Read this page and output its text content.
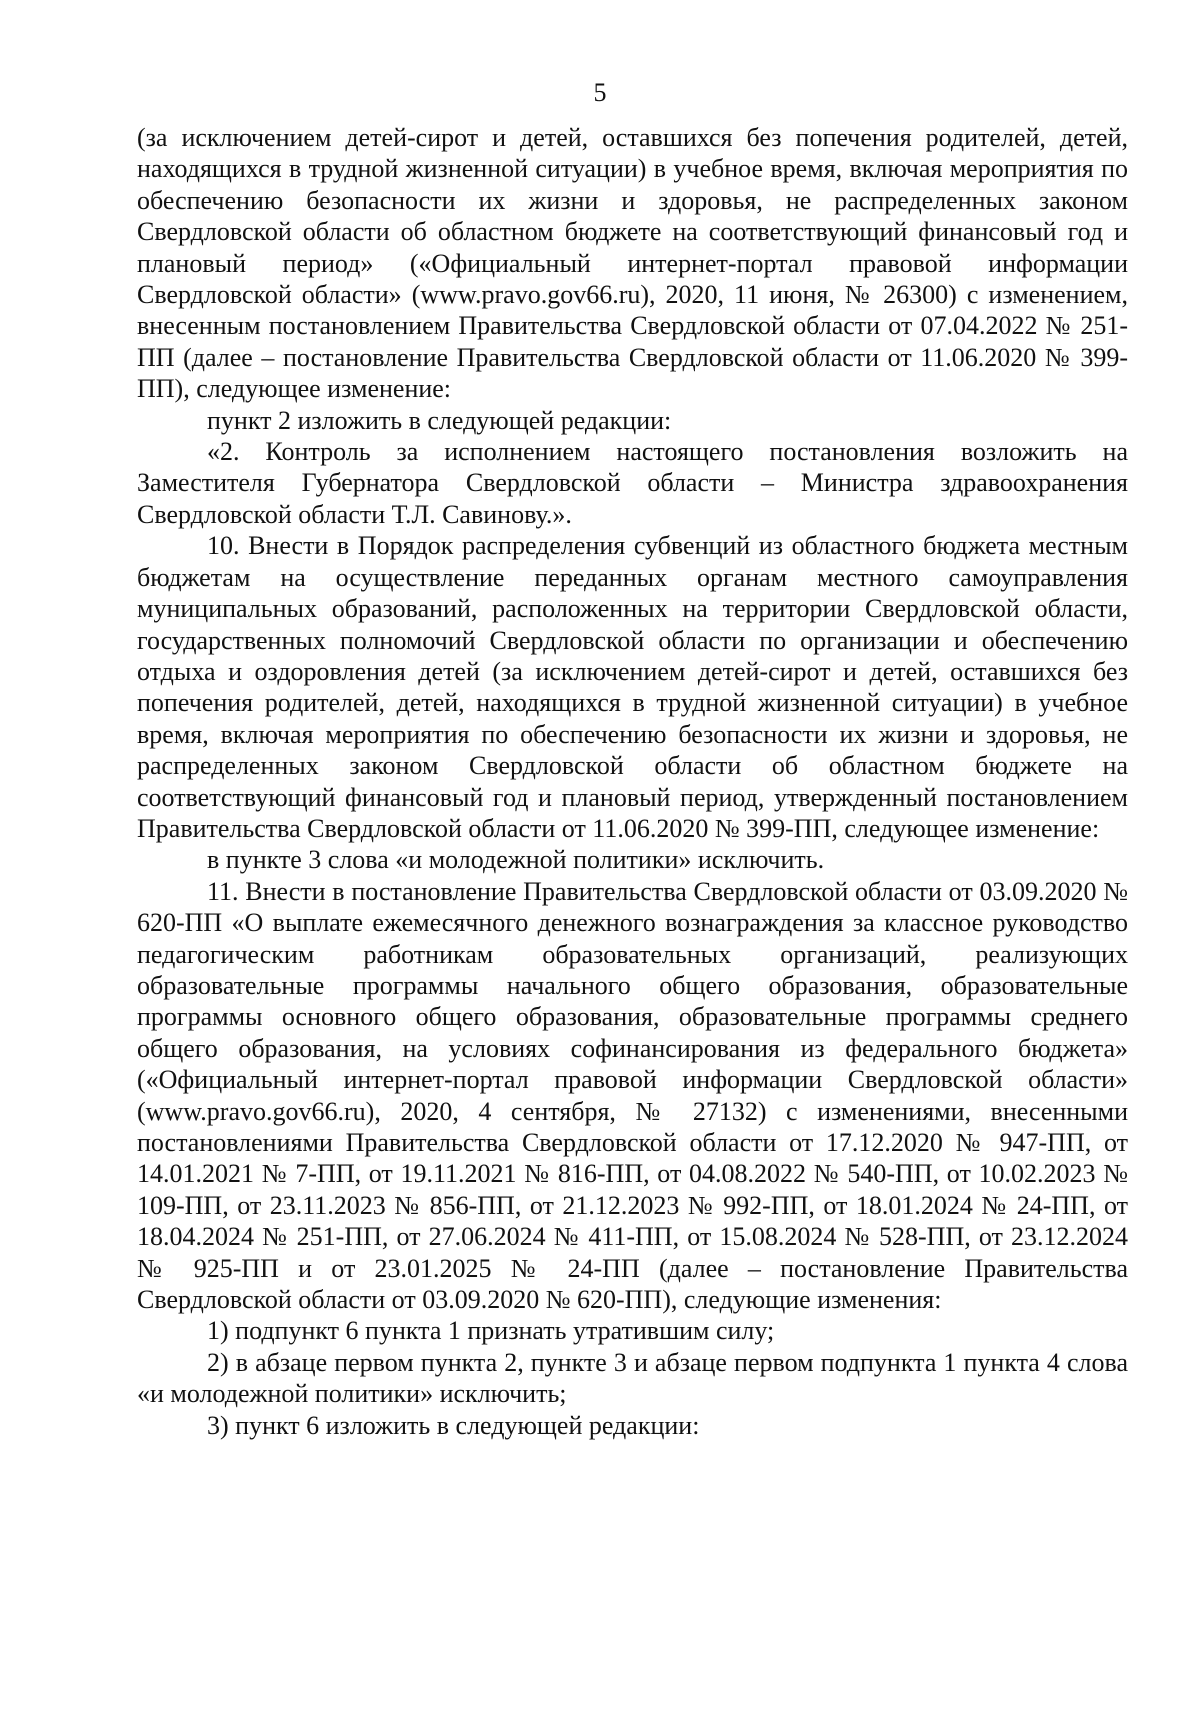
5

(за исключением детей-сирот и детей, оставшихся без попечения родителей, детей, находящихся в трудной жизненной ситуации) в учебное время, включая мероприятия по обеспечению безопасности их жизни и здоровья, не распределенных законом Свердловской области об областном бюджете на соответствующий финансовый год и плановый период» («Официальный интернет-портал правовой информации Свердловской области» (www.pravo.gov66.ru), 2020, 11 июня, № 26300) с изменением, внесенным постановлением Правительства Свердловской области от 07.04.2022 № 251-ПП (далее – постановление Правительства Свердловской области от 11.06.2020 № 399-ПП), следующее изменение:

пункт 2 изложить в следующей редакции:

«2. Контроль за исполнением настоящего постановления возложить на Заместителя Губернатора Свердловской области – Министра здравоохранения Свердловской области Т.Л. Савинову.».

10. Внести в Порядок распределения субвенций из областного бюджета местным бюджетам на осуществление переданных органам местного самоуправления муниципальных образований, расположенных на территории Свердловской области, государственных полномочий Свердловской области по организации и обеспечению отдыха и оздоровления детей (за исключением детей-сирот и детей, оставшихся без попечения родителей, детей, находящихся в трудной жизненной ситуации) в учебное время, включая мероприятия по обеспечению безопасности их жизни и здоровья, не распределенных законом Свердловской области об областном бюджете на соответствующий финансовый год и плановый период, утвержденный постановлением Правительства Свердловской области от 11.06.2020 № 399-ПП, следующее изменение:

в пункте 3 слова «и молодежной политики» исключить.

11. Внести в постановление Правительства Свердловской области от 03.09.2020 № 620-ПП «О выплате ежемесячного денежного вознаграждения за классное руководство педагогическим работникам образовательных организаций, реализующих образовательные программы начального общего образования, образовательные программы основного общего образования, образовательные программы среднего общего образования, на условиях софинансирования из федерального бюджета» («Официальный интернет-портал правовой информации Свердловской области» (www.pravo.gov66.ru), 2020, 4 сентября, № 27132) с изменениями, внесенными постановлениями Правительства Свердловской области от 17.12.2020 № 947-ПП, от 14.01.2021 № 7-ПП, от 19.11.2021 № 816-ПП, от 04.08.2022 № 540-ПП, от 10.02.2023 № 109-ПП, от 23.11.2023 № 856-ПП, от 21.12.2023 № 992-ПП, от 18.01.2024 № 24-ПП, от 18.04.2024 № 251-ПП, от 27.06.2024 № 411-ПП, от 15.08.2024 № 528-ПП, от 23.12.2024 № 925-ПП и от 23.01.2025 № 24-ПП (далее – постановление Правительства Свердловской области от 03.09.2020 № 620-ПП), следующие изменения:

1) подпункт 6 пункта 1 признать утратившим силу;

2) в абзаце первом пункта 2, пункте 3 и абзаце первом подпункта 1 пункта 4 слова «и молодежной политики» исключить;

3) пункт 6 изложить в следующей редакции:
